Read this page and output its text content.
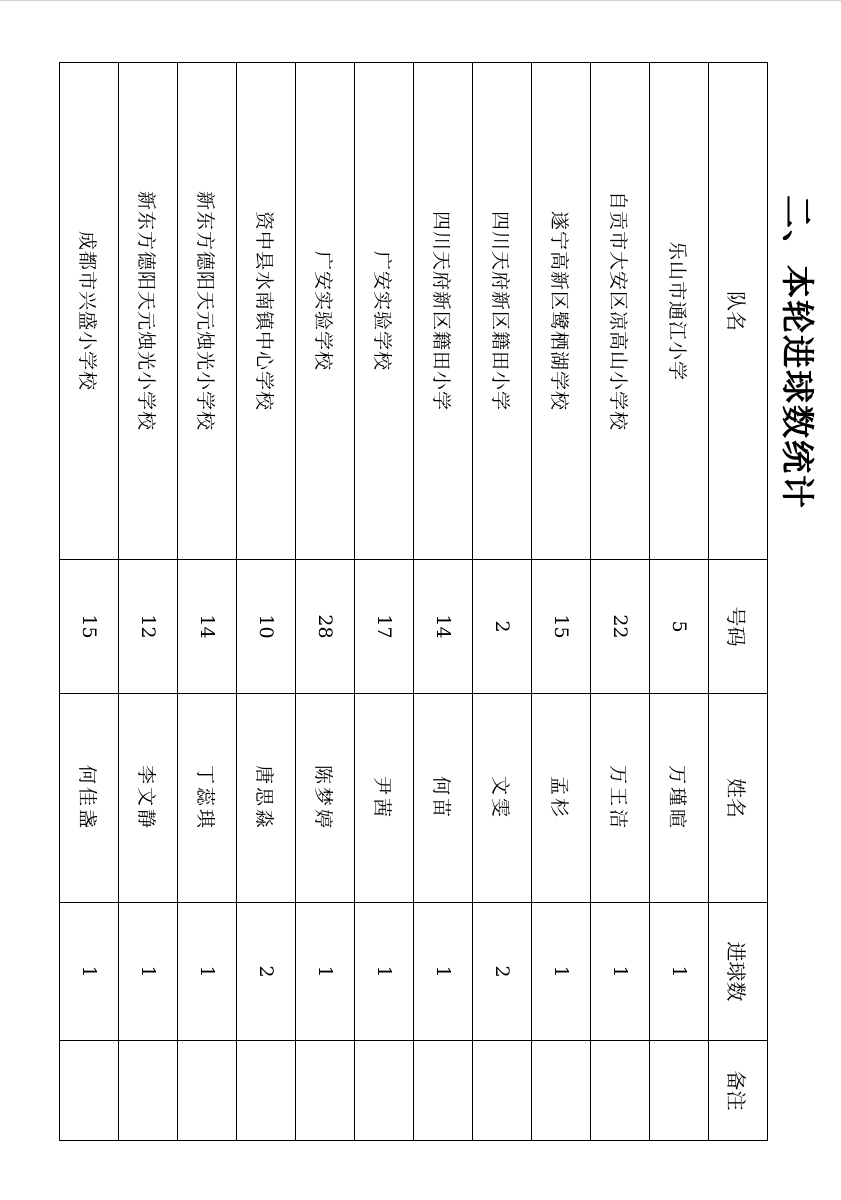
二、本轮进球数统计
队名	号码	姓名	进球数	备注
乐山市通江小学	5	万瑾暄	1	
自贡市大安区凉高山小学校	22	万王洁	1	
遂宁高新区鹭栖湖学校	15	孟杉	1	
四川天府新区籍田小学	2	文雯	2	
四川天府新区籍田小学	14	何苗	1	
广安实验学校	17	尹茜	1	
广安实验学校	28	陈梦婷	1	
资中县水南镇中心学校	10	唐思淼	2	
新东方德阳天元烛光小学校	14	丁蕊琪	1	
新东方德阳天元烛光小学校	12	李文静	1	
成都市兴盛小学校	15	何佳盏	1	
